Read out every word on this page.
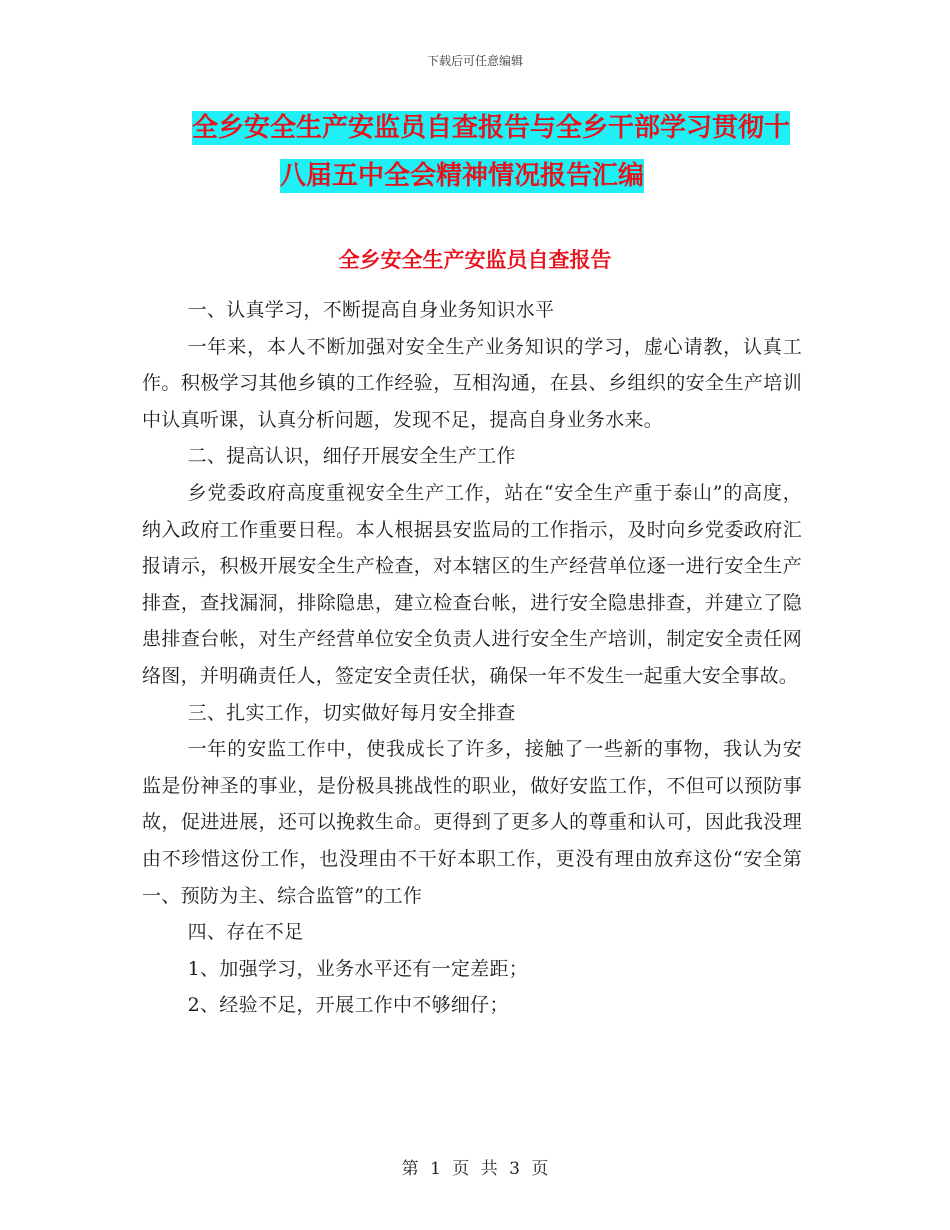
下载后可任意编辑
全乡安全生产安监员自查报告与全乡干部学习贯彻十
八届五中全会精神情况报告汇编
全乡安全生产安监员自查报告

一、认真学习，不断提高自身业务知识水平

一年来，本人不断加强对安全生产业务知识的学习，虚心请教，认真工作。积极学习其他乡镇的工作经验，互相沟通，在县、乡组织的安全生产培训中认真听课，认真分析问题，发现不足，提高自身业务水来。

二、提高认识，细仔开展安全生产工作

乡党委政府高度重视安全生产工作，站在“安全生产重于泰山”的高度，纳入政府工作重要日程。本人根据县安监局的工作指示，及时向乡党委政府汇报请示，积极开展安全生产检查，对本辖区的生产经营单位逐一进行安全生产排查，查找漏洞，排除隐患，建立检查台帐，进行安全隐患排查，并建立了隐患排查台帐，对生产经营单位安全负责人进行安全生产培训，制定安全责任网络图，并明确责任人，签定安全责任状，确保一年不发生一起重大安全事故。

三、扎实工作，切实做好每月安全排查

一年的安监工作中，使我成长了许多，接触了一些新的事物，我认为安监是份神圣的事业，是份极具挑战性的职业，做好安监工作，不但可以预防事故，促进进展，还可以挽救生命。更得到了更多人的尊重和认可，因此我没理由不珍惜这份工作，也没理由不干好本职工作，更没有理由放弃这份“安全第一、预防为主、综合监管”的工作

四、存在不足

1、加强学习，业务水平还有一定差距；

2、经验不足，开展工作中不够细仔；

第 1 页 共 3 页
